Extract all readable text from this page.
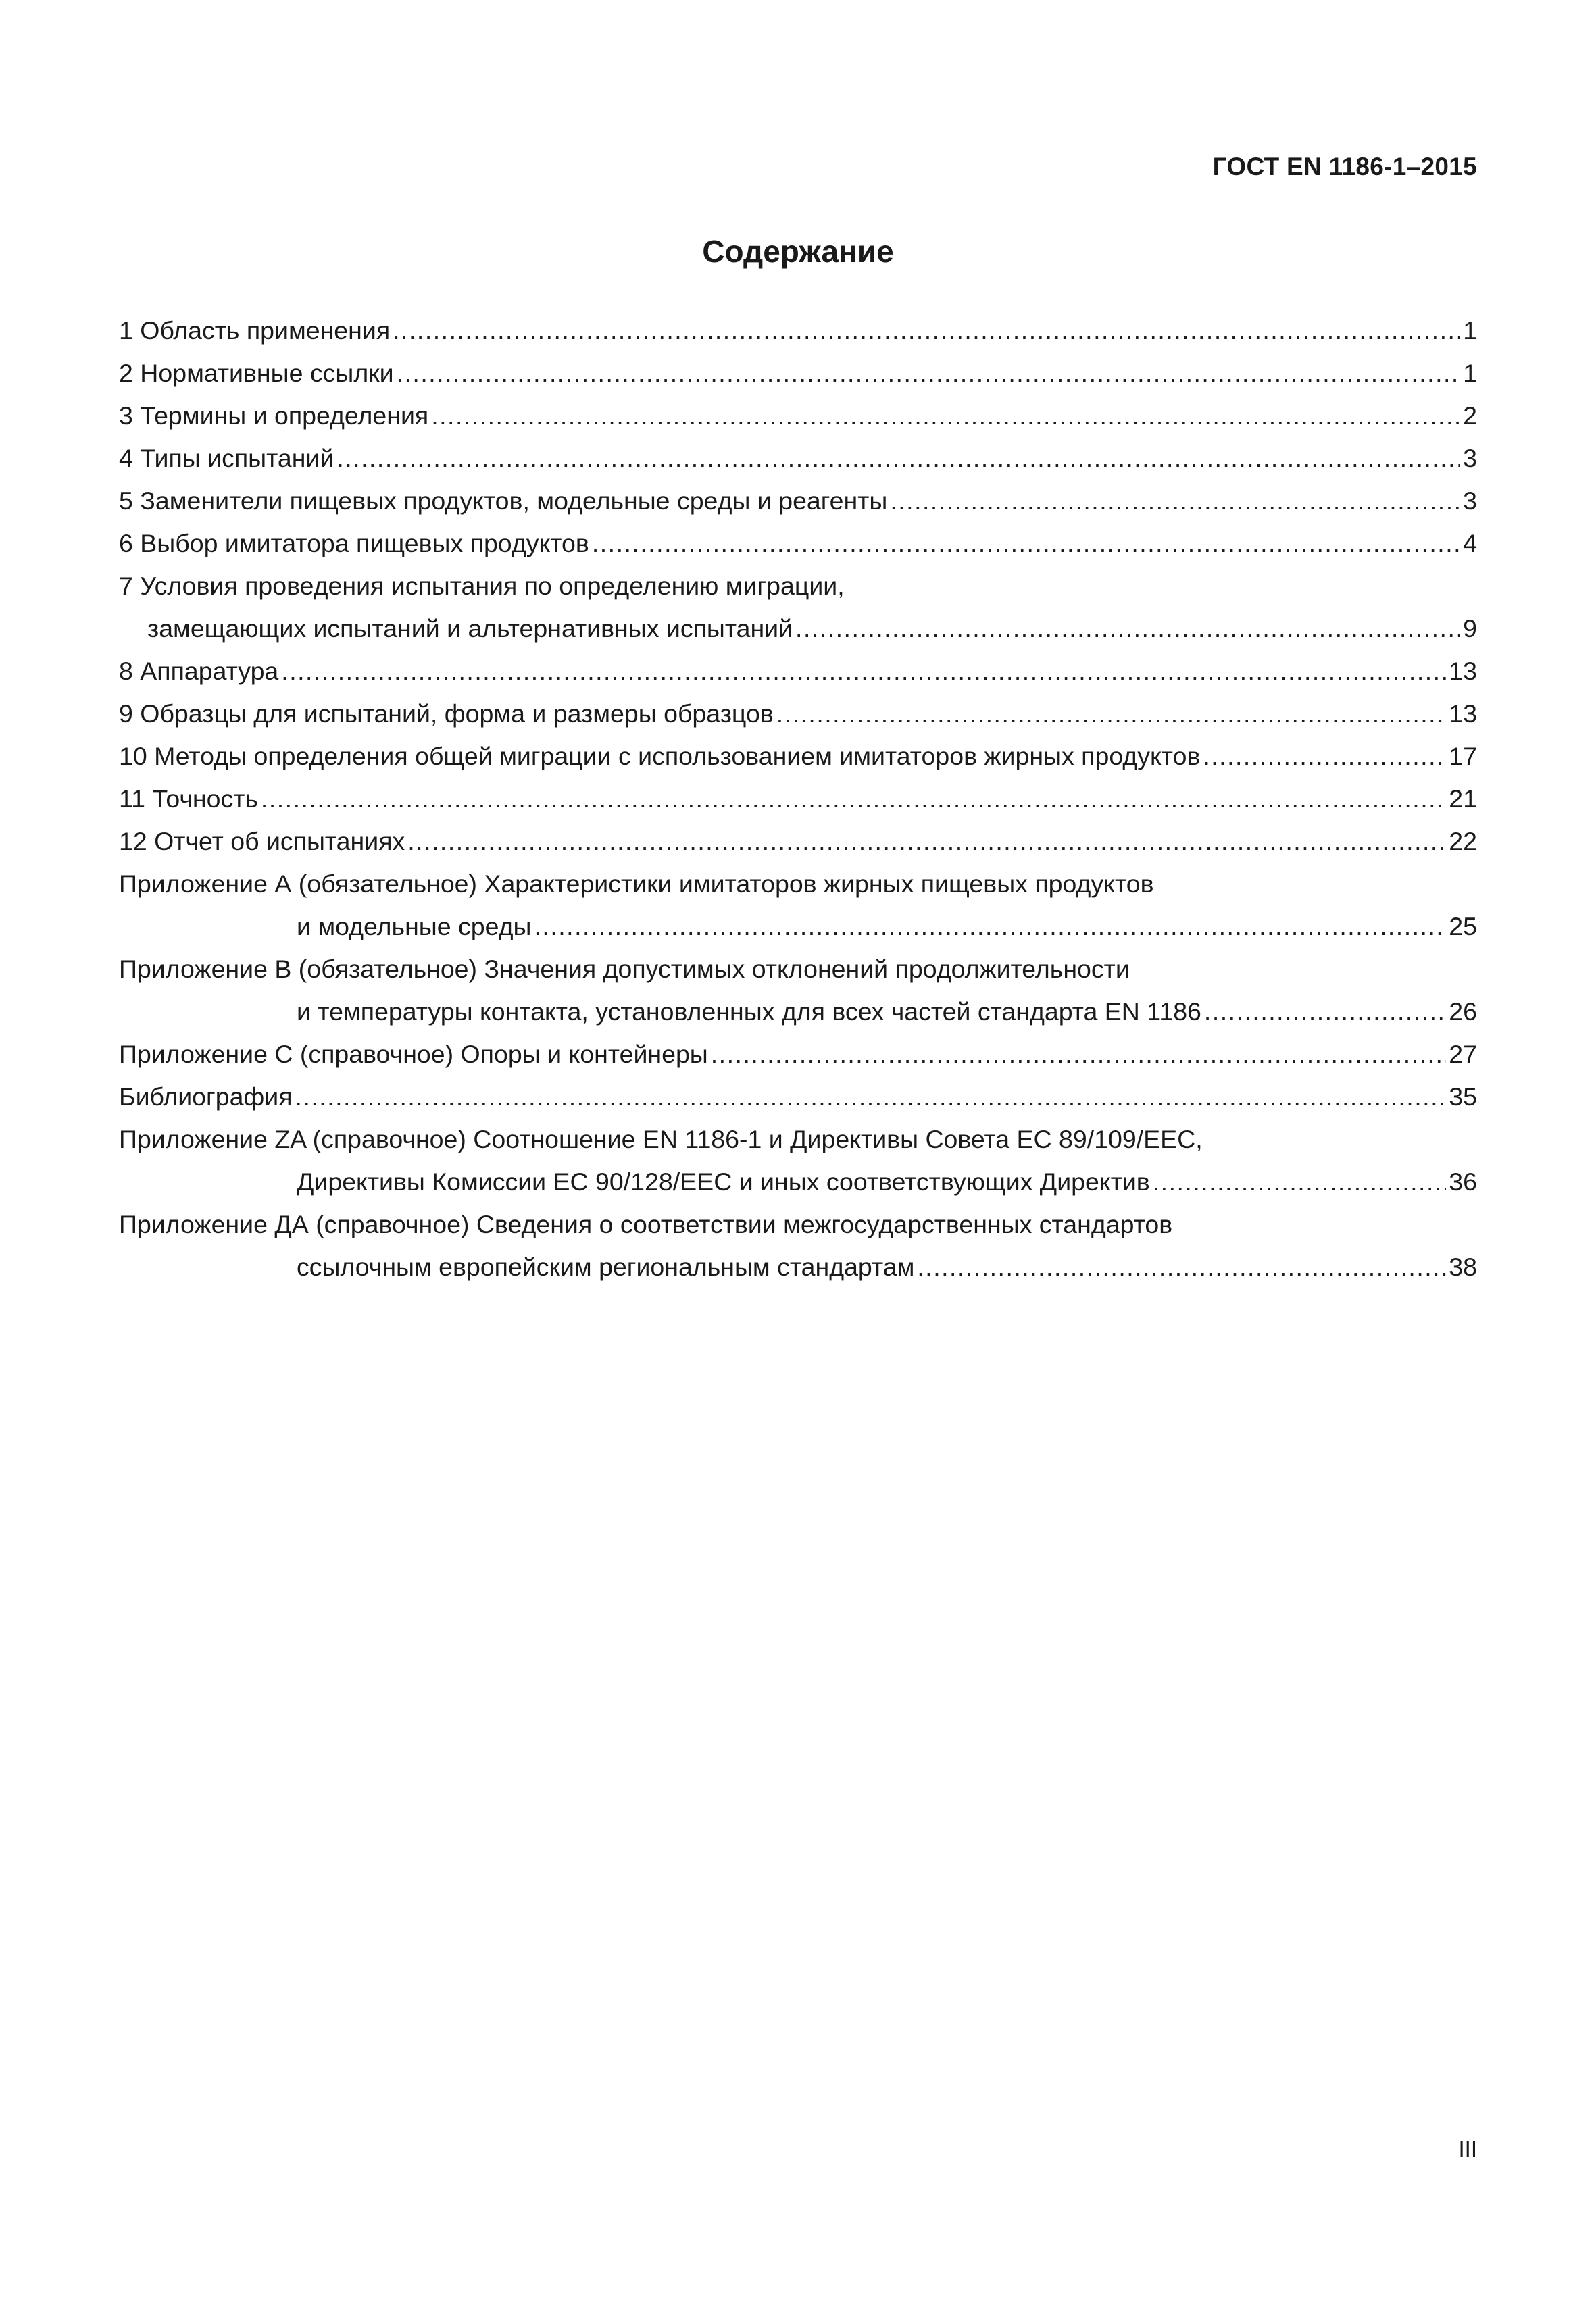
ГОСТ EN 1186-1–2015
Содержание
1 Область применения .....	1
2 Нормативные ссылки .....	1
3 Термины и определения .....	2
4 Типы испытаний .....	3
5 Заменители пищевых продуктов, модельные среды и реагенты .....	3
6 Выбор имитатора пищевых продуктов .....	4
7 Условия проведения испытания по определению миграции,
замещающих испытаний и альтернативных испытаний .....	9
8 Аппаратура .....	13
9 Образцы для испытаний, форма и размеры образцов .....	13
10 Методы определения общей миграции с использованием имитаторов жирных продуктов .....	17
11 Точность .....	21
12 Отчет об испытаниях .....	22
Приложение А (обязательное) Характеристики имитаторов жирных пищевых продуктов
и модельные среды .....	25
Приложение В (обязательное) Значения допустимых отклонений продолжительности
и температуры контакта, установленных для всех частей стандарта EN 1186 .....	26
Приложение С (справочное) Опоры и контейнеры .....	27
Библиография .....	35
Приложение ZA (справочное) Соотношение EN 1186-1 и Директивы Совета ЕС 89/109/ЕЕС,
Директивы Комиссии ЕС 90/128/ЕЕС и иных соответствующих Директив .....	36
Приложение ДА (справочное) Сведения о соответствии межгосударственных стандартов
ссылочным европейским региональным стандартам .....	38
III
